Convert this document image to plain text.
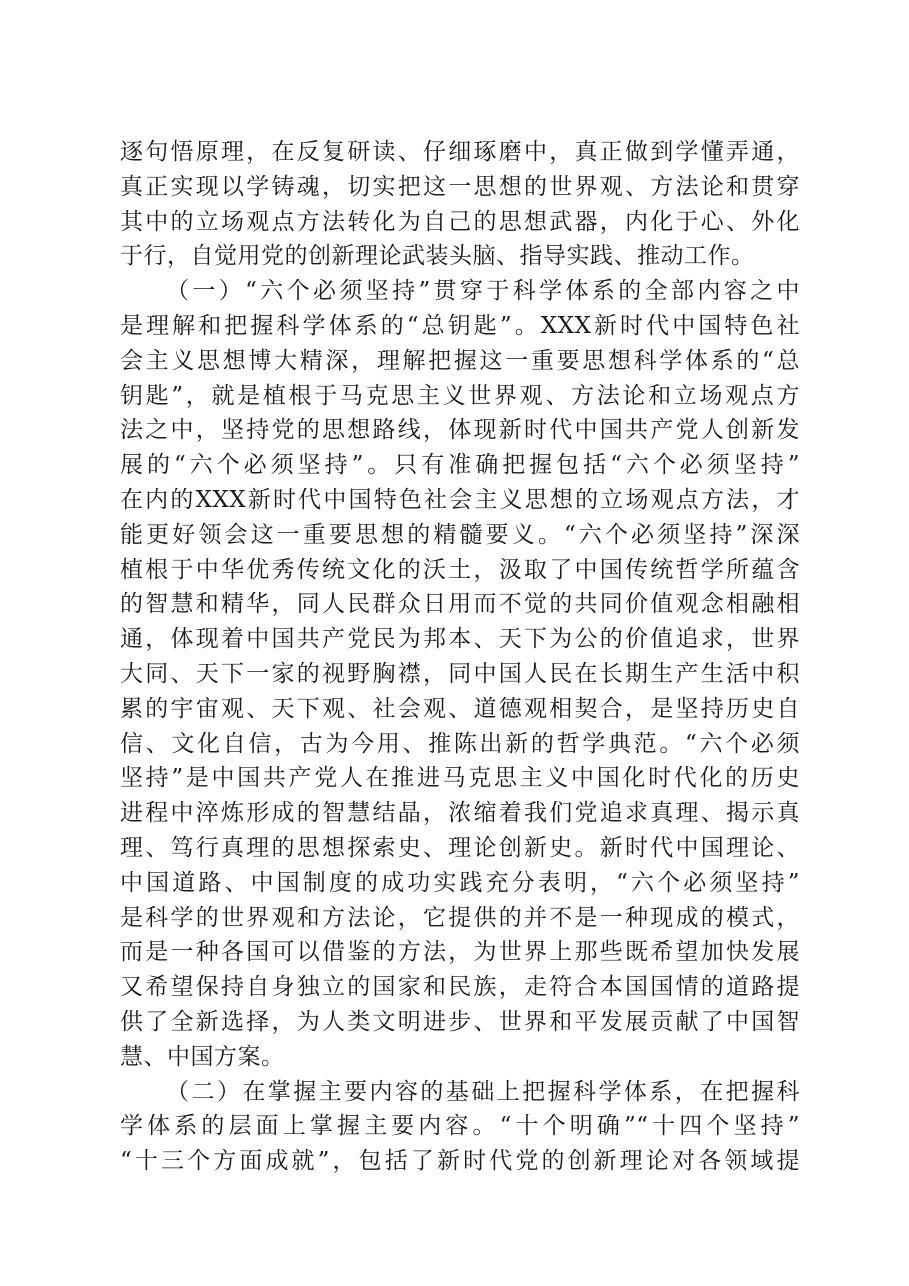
逐句悟原理，在反复研读、仔细琢磨中，真正做到学懂弄通，
真正实现以学铸魂，切实把这一思想的世界观、方法论和贯穿
其中的立场观点方法转化为自己的思想武器，内化于心、外化
于行，自觉用党的创新理论武装头脑、指导实践、推动工作。
（一）“六个必须坚持”贯穿于科学体系的全部内容之中
是理解和把握科学体系的“总钥匙”。XXX新时代中国特色社
会主义思想博大精深，理解把握这一重要思想科学体系的“总
钥匙”，就是植根于马克思主义世界观、方法论和立场观点方
法之中，坚持党的思想路线，体现新时代中国共产党人创新发
展的“六个必须坚持”。只有准确把握包括“六个必须坚持”
在内的XXX新时代中国特色社会主义思想的立场观点方法，才
能更好领会这一重要思想的精髓要义。“六个必须坚持”深深
植根于中华优秀传统文化的沃土，汲取了中国传统哲学所蕴含
的智慧和精华，同人民群众日用而不觉的共同价值观念相融相
通，体现着中国共产党民为邦本、天下为公的价值追求，世界
大同、天下一家的视野胸襟，同中国人民在长期生产生活中积
累的宇宙观、天下观、社会观、道德观相契合，是坚持历史自
信、文化自信，古为今用、推陈出新的哲学典范。“六个必须
坚持”是中国共产党人在推进马克思主义中国化时代化的历史
进程中淬炼形成的智慧结晶，浓缩着我们党追求真理、揭示真
理、笃行真理的思想探索史、理论创新史。新时代中国理论、
中国道路、中国制度的成功实践充分表明，“六个必须坚持”
是科学的世界观和方法论，它提供的并不是一种现成的模式，
而是一种各国可以借鉴的方法，为世界上那些既希望加快发展
又希望保持自身独立的国家和民族，走符合本国国情的道路提
供了全新选择，为人类文明进步、世界和平发展贡献了中国智
慧、中国方案。
（二）在掌握主要内容的基础上把握科学体系，在把握科
学体系的层面上掌握主要内容。“十个明确”“十四个坚持”
“十三个方面成就”，包括了新时代党的创新理论对各领域提
